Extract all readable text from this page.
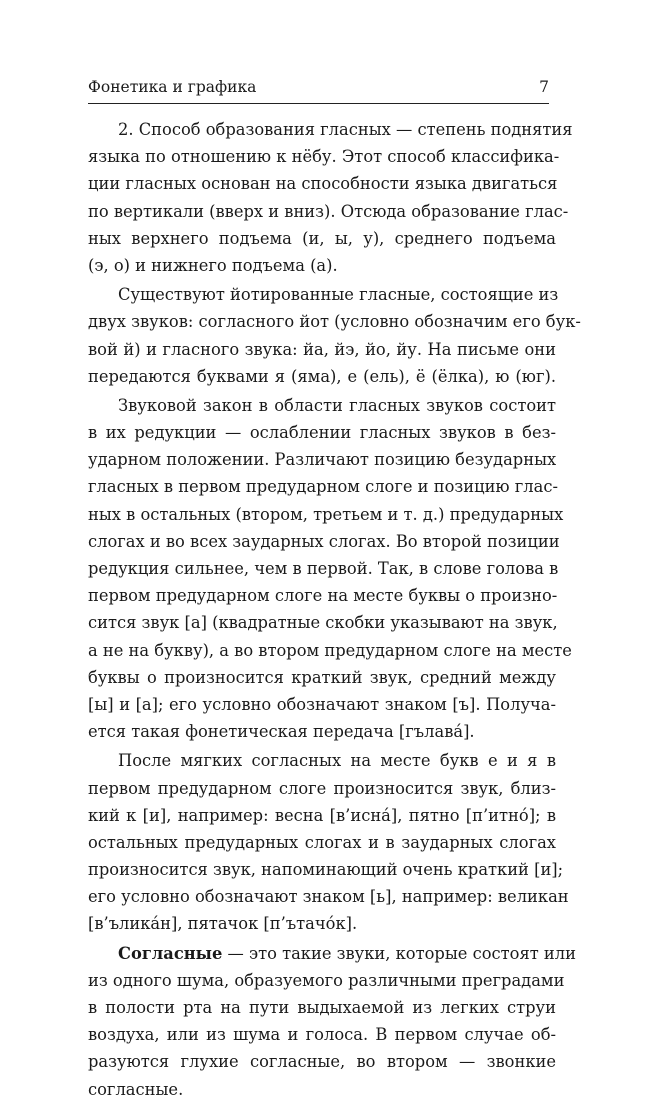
Фонетика и графика	7
2. Способ образования гласных — степень поднятия
языка по отношению к нёбу. Этот способ классифика-
ции гласных основан на способности языка двигаться
по вертикали (вверх и вниз). Отсюда образование глас-
ных верхнего подъема (и, ы, у), среднего подъема
(э, о) и нижнего подъема (а).
Существуют йотированные гласные, состоящие из
двух звуков: согласного йот (условно обозначим его бук-
вой й) и гласного звука: йа, йэ, йо, йу. На письме они
передаются буквами я (яма), е (ель), ё (ёлка), ю (юг).
Звуковой закон в области гласных звуков состоит
в их редукции — ослаблении гласных звуков в без-
ударном положении. Различают позицию безударных
гласных в первом предударном слоге и позицию глас-
ных в остальных (втором, третьем и т. д.) предударных
слогах и во всех заударных слогах. Во второй позиции
редукция сильнее, чем в первой. Так, в слове голова в
первом предударном слоге на месте буквы о произно-
сится звук [а] (квадратные скобки указывают на звук,
а не на букву), а во втором предударном слоге на месте
буквы о произносится краткий звук, средний между
[ы] и [а]; его условно обозначают знаком [ъ]. Получа-
ется такая фонетическая передача [гълава́].
После мягких согласных на месте букв е и я в
первом предударном слоге произносится звук, близ-
кий к [и], например: весна [в’исна́], пятно [п’итно́]; в
остальных предударных слогах и в заударных слогах
произносится звук, напоминающий очень краткий [и];
его условно обозначают знаком [ь], например: великан
[в’ълика́н], пятачок [п’ътачо́к].
Согласные — это такие звуки, которые состоят или
из одного шума, образуемого различными преградами
в полости рта на пути выдыхаемой из легких струи
воздуха, или из шума и голоса. В первом случае об-
разуются глухие согласные, во втором — звонкие
согласные.
